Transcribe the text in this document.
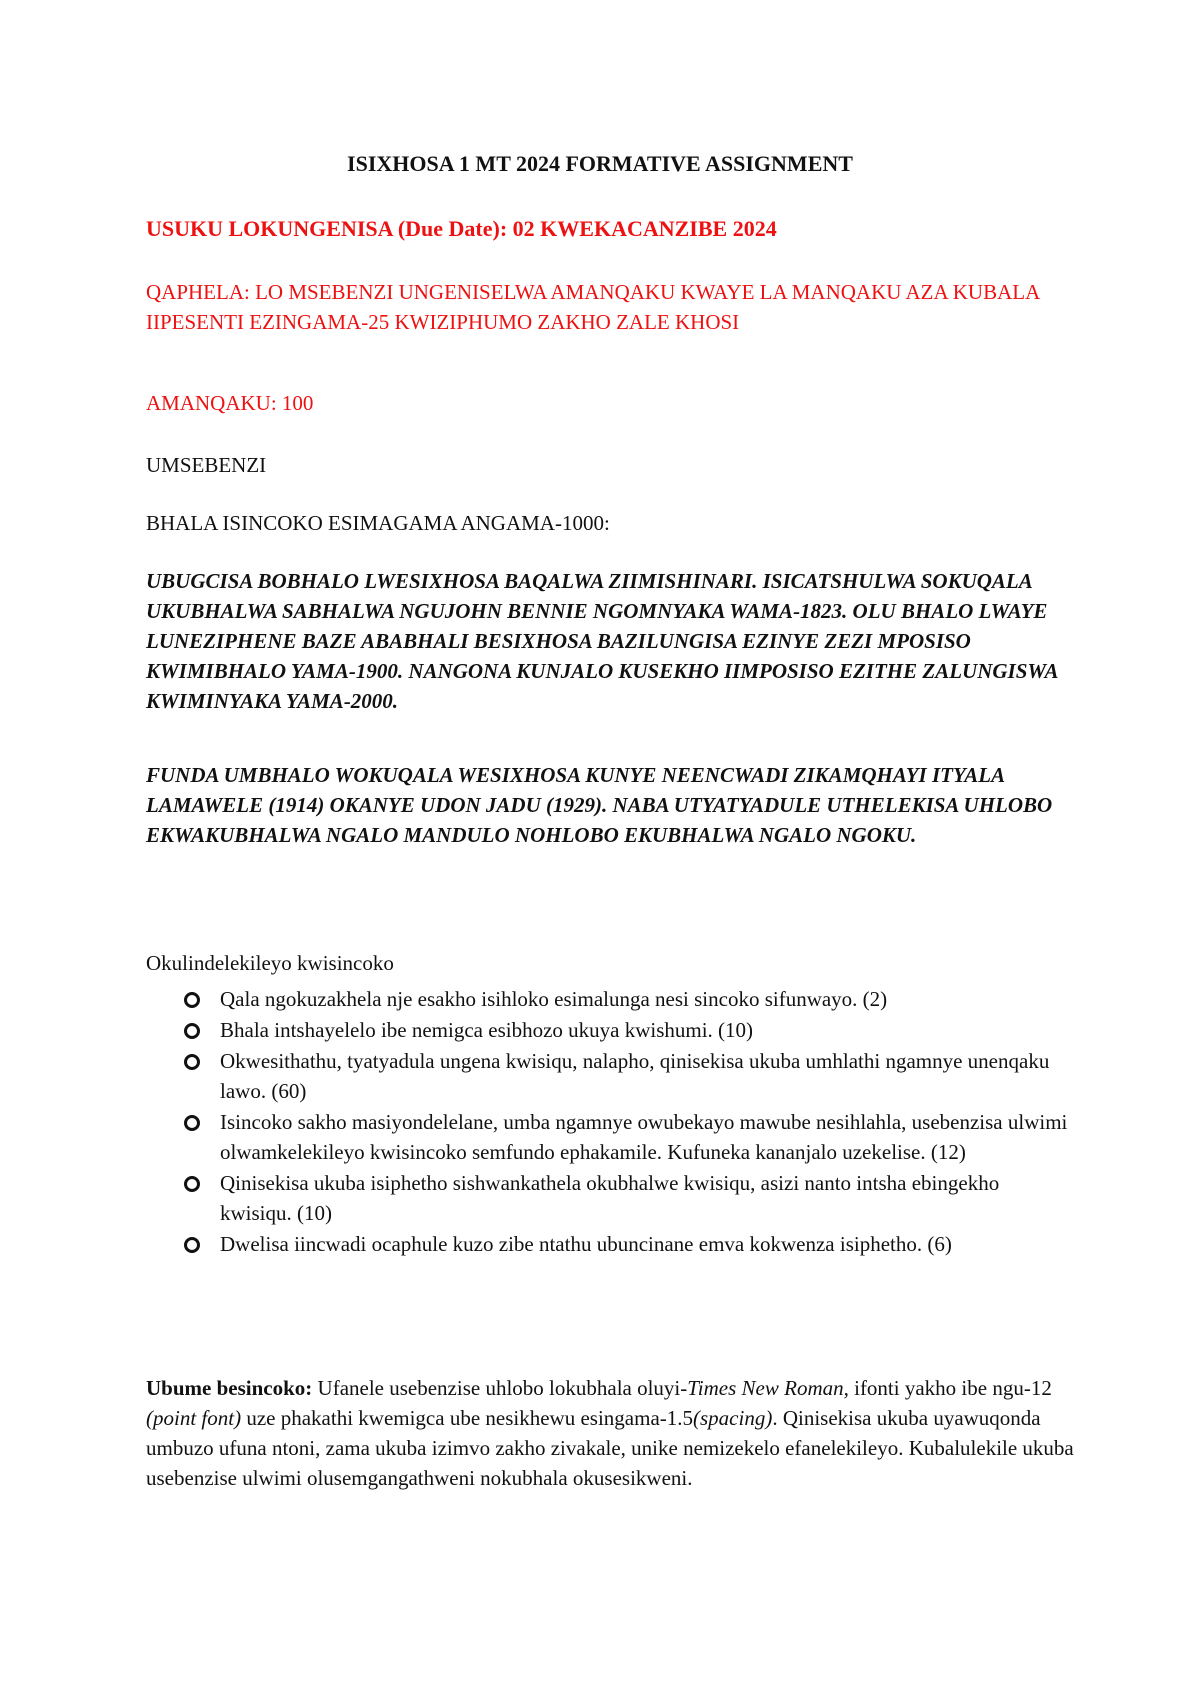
ISIXHOSA 1 MT 2024 FORMATIVE ASSIGNMENT

USUKU LOKUNGENISA (Due Date): 02 KWEKACANZIBE 2024

QAPHELA: LO MSEBENZI UNGENISELWA AMANQAKU KWAYE LA MANQAKU AZA KUBALA IIPESENTI EZINGAMA-25 KWIZIPHUMO ZAKHO ZALE KHOSI

AMANQAKU: 100

UMSEBENZI

BHALA ISINCOKO ESIMAGAMA ANGAMA-1000:

UBUGCISA BOBHALO LWESIXHOSA BAQALWA ZIIMISHINARI. ISICATSHULWA SOKUQALA UKUBHALWA SABHALWA NGUJOHN BENNIE NGOMNYAKA WAMA-1823. OLU BHALO LWAYE LUNEZIPHENE BAZE ABABHALI BESIXHOSA BAZILUNGISA EZINYE ZEZI MPOSISO KWIMIBHALO YAMA-1900. NANGONA KUNJALO KUSEKHO IIMPOSISO EZITHE ZALUNGISWA KWIMINYAKA YAMA-2000.

FUNDA UMBHALO WOKUQALA WESIXHOSA KUNYE NEENCWADI ZIKAMQHAYI ITYALA LAMAWELE (1914) OKANYE UDON JADU (1929). NABA UTYATYADULE UTHELEKISA UHLOBO EKWAKUBHALWA NGALO MANDULO NOHLOBO EKUBHALWA NGALO NGOKU.

Okulindelekileyo kwisincoko

Qala ngokuzakhela nje esakho isihloko esimalunga nesi sincoko sifunwayo. (2)
Bhala intshayelelo ibe nemigca esibhozo ukuya kwishumi. (10)
Okwesithathu, tyatyadula ungena kwisiqu, nalapho, qinisekisa ukuba umhlathi ngamnye unenqaku lawo. (60)
Isincoko sakho masiyondelelane, umba ngamnye owubekayo mawube nesihlahla, usebenzisa ulwimi olwamkelekileyo kwisincoko semfundo ephakamile. Kufuneka kananjalo uzekelise. (12)
Qinisekisa ukuba isiphetho sishwankathela okubhalwe kwisiqu, asizi nanto intsha ebingekho kwisiqu. (10)
Dwelisa iincwadi ocaphule kuzo zibe ntathu ubuncinane emva kokwenza isiphetho. (6)

Ubume besincoko: Ufanele usebenzise uhlobo lokubhala oluyi-Times New Roman, ifonti yakho ibe ngu-12 (point font) uze phakathi kwemigca ube nesikhewu esingama-1.5(spacing). Qinisekisa ukuba uyawuqonda umbuzo ufuna ntoni, zama ukuba izimvo zakho zivakale, unike nemizekelo efanelekileyo. Kubalulekile ukuba usebenzise ulwimi olusemgangathweni nokubhala okusesikweni.
